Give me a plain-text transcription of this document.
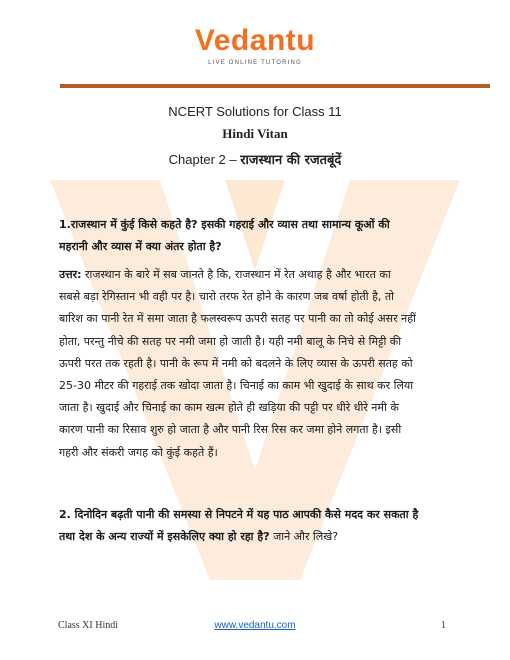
Vedantu
LIVE ONLINE TUTORING
NCERT Solutions for Class 11
Hindi Vitan
Chapter 2 – राजस्थान की रजतबूंदें
1.राजस्थान में कुंई किसे कहते है? इसकी गहराई और व्यास तथा सामान्य कूओं की
महरानी और व्यास में क्या अंतर होता है?
उत्तर: राजस्थान के बारे में सब जानते है कि, राजस्थान में रेत अथाह है और भारत का
सबसे बड़ा रेगिस्तान भी वही पर है। चारो तरफ रेत होने के कारण जब वर्षा होती है, तो
बारिश का पानी रेत में समा जाता है फलस्वरूप ऊपरी सतह पर पानी का तो कोई असर नहीं
होता, परन्तु नीचे की सतह पर नमी जमा हो जाती है। यही नमी बालू के निचे से मिट्टी की
ऊपरी परत तक रहती है। पानी के रूप में नमी को बदलने के लिए व्यास के ऊपरी सतह को
25-30 मीटर की गहराई तक खोदा जाता है। चिनाई का काम भी खुदाई के साथ कर लिया
जाता है। खुदाई और चिनाई का काम खत्म होते ही खड़िया की पट्टी पर धीरे धीरे नमी के
कारण पानी का रिसाव शुरु हो जाता है और पानी रिस रिस कर जमा होने लगता है। इसी
गहरी और संकरी जगह को कुंई कहते हैं।
2. दिनोदिन बढ़ती पानी की समस्या से निपटने में यह पाठ आपकी कैसे मदद कर सकता है
तथा देश के अन्य राज्यों में इसकेलिए क्या हो रहा है? जाने और लिखे?
Class XI Hindi	www.vedantu.com	1
